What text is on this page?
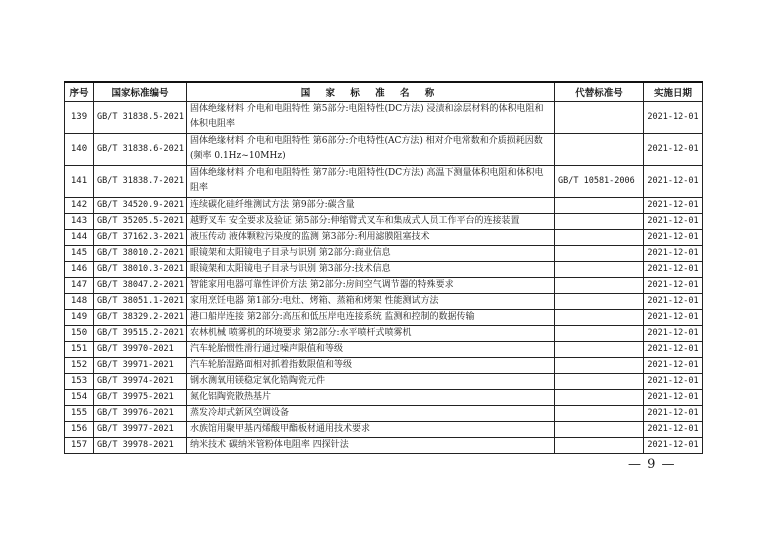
序号	国家标准编号	国 家 标 准 名 称	代替标准号	实施日期
139	GB/T 31838.5-2021	固体绝缘材料 介电和电阻特性 第5部分:电阻特性(DC方法) 浸渍和涂层材料的体积电阻和体积电阻率		2021-12-01
140	GB/T 31838.6-2021	固体绝缘材料 介电和电阻特性 第6部分:介电特性(AC方法) 相对介电常数和介质损耗因数(频率 0.1Hz~10MHz)		2021-12-01
141	GB/T 31838.7-2021	固体绝缘材料 介电和电阻特性 第7部分:电阻特性(DC方法) 高温下测量体积电阻和体积电阻率	GB/T 10581-2006	2021-12-01
142	GB/T 34520.9-2021	连续碳化硅纤维测试方法 第9部分:碳含量		2021-12-01
143	GB/T 35205.5-2021	越野叉车 安全要求及验证 第5部分:伸缩臂式叉车和集成式人员工作平台的连接装置		2021-12-01
144	GB/T 37162.3-2021	液压传动 液体颗粒污染度的监测 第3部分:利用滤膜阻塞技术		2021-12-01
145	GB/T 38010.2-2021	眼镜架和太阳镜电子目录与识别 第2部分:商业信息		2021-12-01
146	GB/T 38010.3-2021	眼镜架和太阳镜电子目录与识别 第3部分:技术信息		2021-12-01
147	GB/T 38047.2-2021	智能家用电器可靠性评价方法 第2部分:房间空气调节器的特殊要求		2021-12-01
148	GB/T 38051.1-2021	家用烹饪电器 第1部分:电灶、烤箱、蒸箱和烤架 性能测试方法		2021-12-01
149	GB/T 38329.2-2021	港口船岸连接 第2部分:高压和低压岸电连接系统 监测和控制的数据传输		2021-12-01
150	GB/T 39515.2-2021	农林机械 喷雾机的环境要求 第2部分:水平喷杆式喷雾机		2021-12-01
151	GB/T 39970-2021	汽车轮胎惯性滑行通过噪声限值和等级		2021-12-01
152	GB/T 39971-2021	汽车轮胎湿路面相对抓着指数限值和等级		2021-12-01
153	GB/T 39974-2021	钢水测氧用镁稳定氧化锆陶瓷元件		2021-12-01
154	GB/T 39975-2021	氮化铝陶瓷散热基片		2021-12-01
155	GB/T 39976-2021	蒸发冷却式新风空调设备		2021-12-01
156	GB/T 39977-2021	水族馆用聚甲基丙烯酸甲酯板材通用技术要求		2021-12-01
157	GB/T 39978-2021	纳米技术 碳纳米管粉体电阻率 四探针法		2021-12-01
— 9 —
